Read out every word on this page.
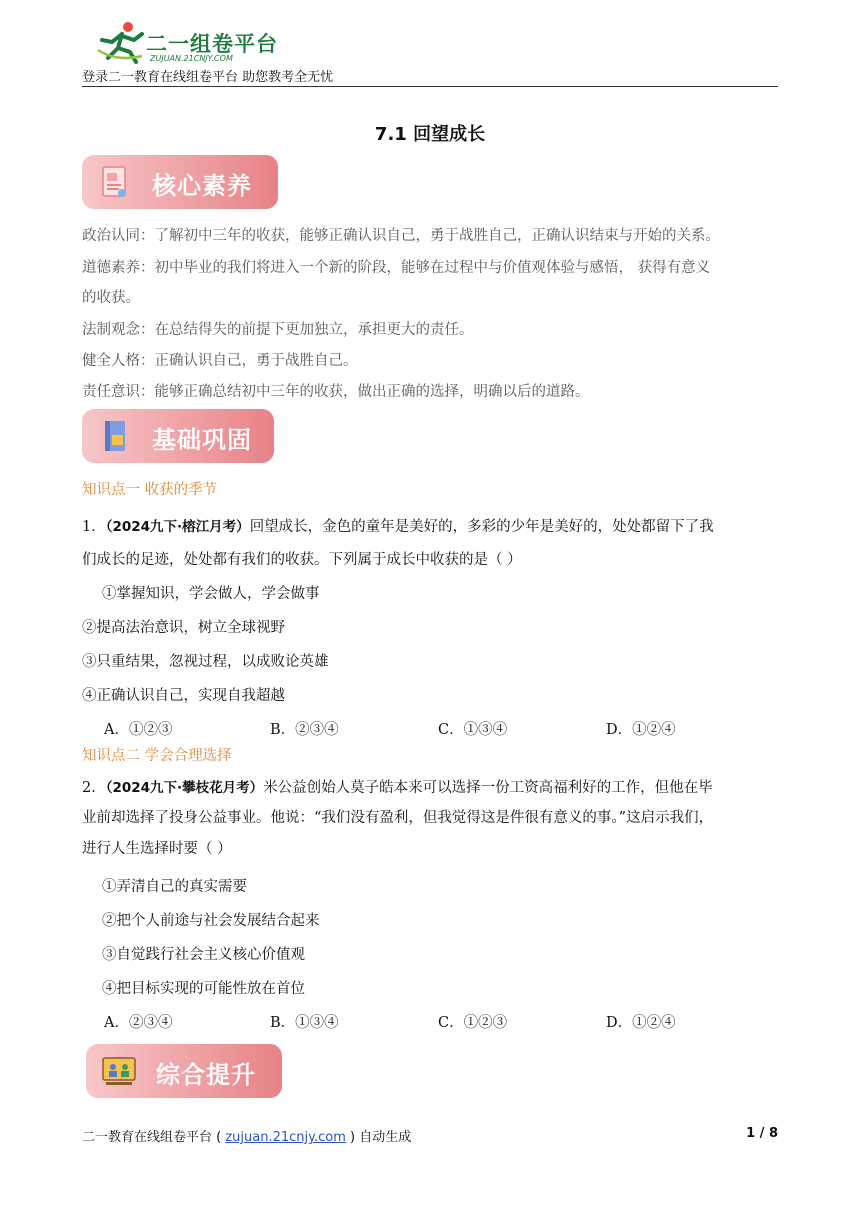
二一组卷平台
ZUJUAN.21CNJY.COM
登录二一教育在线组卷平台 助您教考全无忧
7.1 回望成长
核心素养
政治认同：了解初中三年的收获，能够正确认识自己，勇于战胜自己，正确认识结束与开始的关系。
道德素养：初中毕业的我们将进入一个新的阶段，能够在过程中与价值观体验与感悟， 获得有意义
的收获。
法制观念：在总结得失的前提下更加独立，承担更大的责任。
健全人格：正确认识自己，勇于战胜自己。
责任意识：能够正确总结初中三年的收获，做出正确的选择，明确以后的道路。
基础巩固
知识点一 收获的季节
1．（2024九下·榕江月考）回望成长，金色的童年是美好的，多彩的少年是美好的，处处都留下了我
们成长的足迹，处处都有我们的收获。下列属于成长中收获的是（ ）
①掌握知识，学会做人，学会做事
②提高法治意识，树立全球视野
③只重结果，忽视过程，以成败论英雄
④正确认识自己，实现自我超越
A．①②③	B．②③④	C．①③④	D．①②④
知识点二 学会合理选择
2．（2024九下·攀枝花月考）米公益创始人莫子皓本来可以选择一份工资高福利好的工作，但他在毕
业前却选择了投身公益事业。他说：“我们没有盈利，但我觉得这是件很有意义的事。”这启示我们，
进行人生选择时要（ ）
①弄清自己的真实需要
②把个人前途与社会发展结合起来
③自觉践行社会主义核心价值观
④把目标实现的可能性放在首位
A．②③④	B．①③④	C．①②③	D．①②④
综合提升
二一教育在线组卷平台 ( zujuan.21cnjy.com ) 自动生成	1 / 8
